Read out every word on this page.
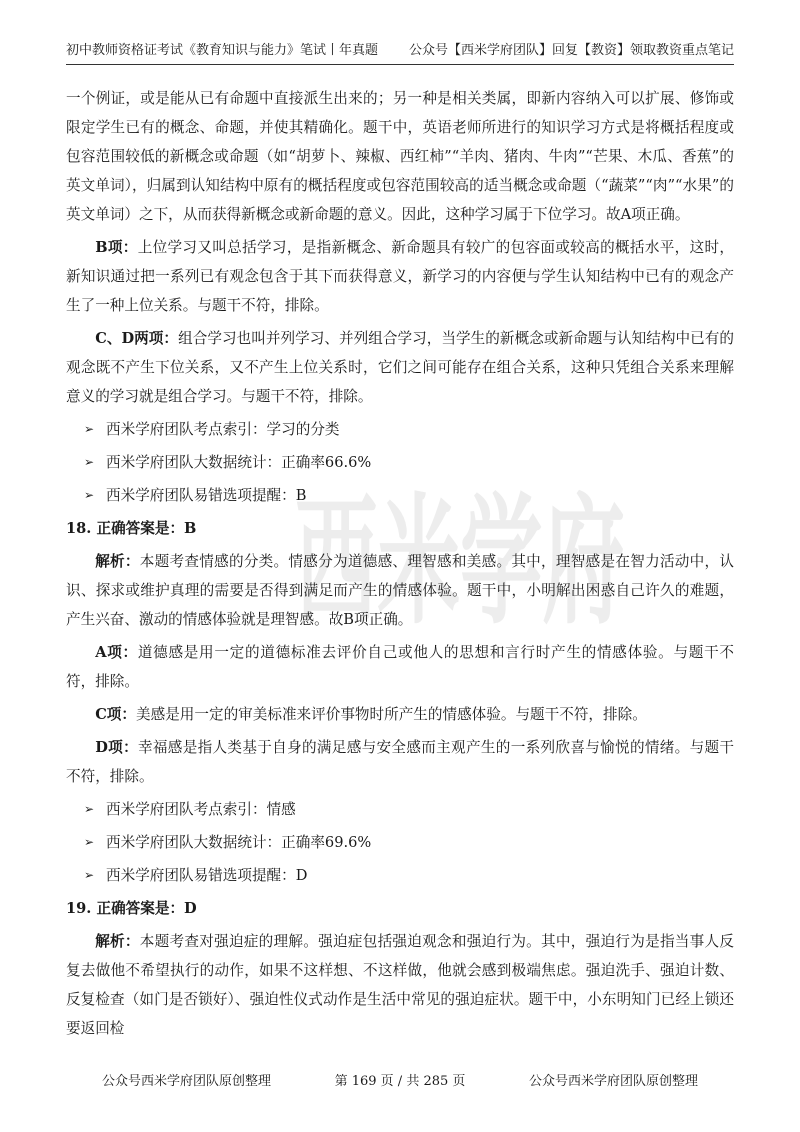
初中教师资格证考试《教育知识与能力》笔试丨年真题 公众号【西米学府团队】回复【教资】领取教资重点笔记
西米学府

一个例证，或是能从已有命题中直接派生出来的；另一种是相关类属，即新内容纳入可以扩展、修饰或限定学生已有的概念、命题，并使其精确化。题干中，英语老师所进行的知识学习方式是将概括程度或包容范围较低的新概念或命题（如“胡萝卜、辣椒、西红柿”“羊肉、猪肉、牛肉”“芒果、木瓜、香蕉”的英文单词），归属到认知结构中原有的概括程度或包容范围较高的适当概念或命题（“蔬菜”“肉”“水果”的英文单词）之下，从而获得新概念或新命题的意义。因此，这种学习属于下位学习。故A项正确。

B项：上位学习又叫总括学习，是指新概念、新命题具有较广的包容面或较高的概括水平，这时，新知识通过把一系列已有观念包含于其下而获得意义，新学习的内容便与学生认知结构中已有的观念产生了一种上位关系。与题干不符，排除。

C、D两项：组合学习也叫并列学习、并列组合学习，当学生的新概念或新命题与认知结构中已有的观念既不产生下位关系，又不产生上位关系时，它们之间可能存在组合关系，这种只凭组合关系来理解意义的学习就是组合学习。与题干不符，排除。

➢ 西米学府团队考点索引：学习的分类
➢ 西米学府团队大数据统计：正确率66.6%
➢ 西米学府团队易错选项提醒：B

18. 正确答案是：B

解析：本题考查情感的分类。情感分为道德感、理智感和美感。其中，理智感是在智力活动中，认识、探求或维护真理的需要是否得到满足而产生的情感体验。题干中，小明解出困惑自己许久的难题，产生兴奋、激动的情感体验就是理智感。故B项正确。

A项：道德感是用一定的道德标准去评价自己或他人的思想和言行时产生的情感体验。与题干不符，排除。

C项：美感是用一定的审美标准来评价事物时所产生的情感体验。与题干不符，排除。

D项：幸福感是指人类基于自身的满足感与安全感而主观产生的一系列欣喜与愉悦的情绪。与题干不符，排除。

➢ 西米学府团队考点索引：情感
➢ 西米学府团队大数据统计：正确率69.6%
➢ 西米学府团队易错选项提醒：D

19. 正确答案是：D

解析：本题考查对强迫症的理解。强迫症包括强迫观念和强迫行为。其中，强迫行为是指当事人反复去做他不希望执行的动作，如果不这样想、不这样做，他就会感到极端焦虑。强迫洗手、强迫计数、反复检查（如门是否锁好）、强迫性仪式动作是生活中常见的强迫症状。题干中，小东明知门已经上锁还要返回检

公众号西米学府团队原创整理	第 169 页 / 共 285 页	公众号西米学府团队原创整理
